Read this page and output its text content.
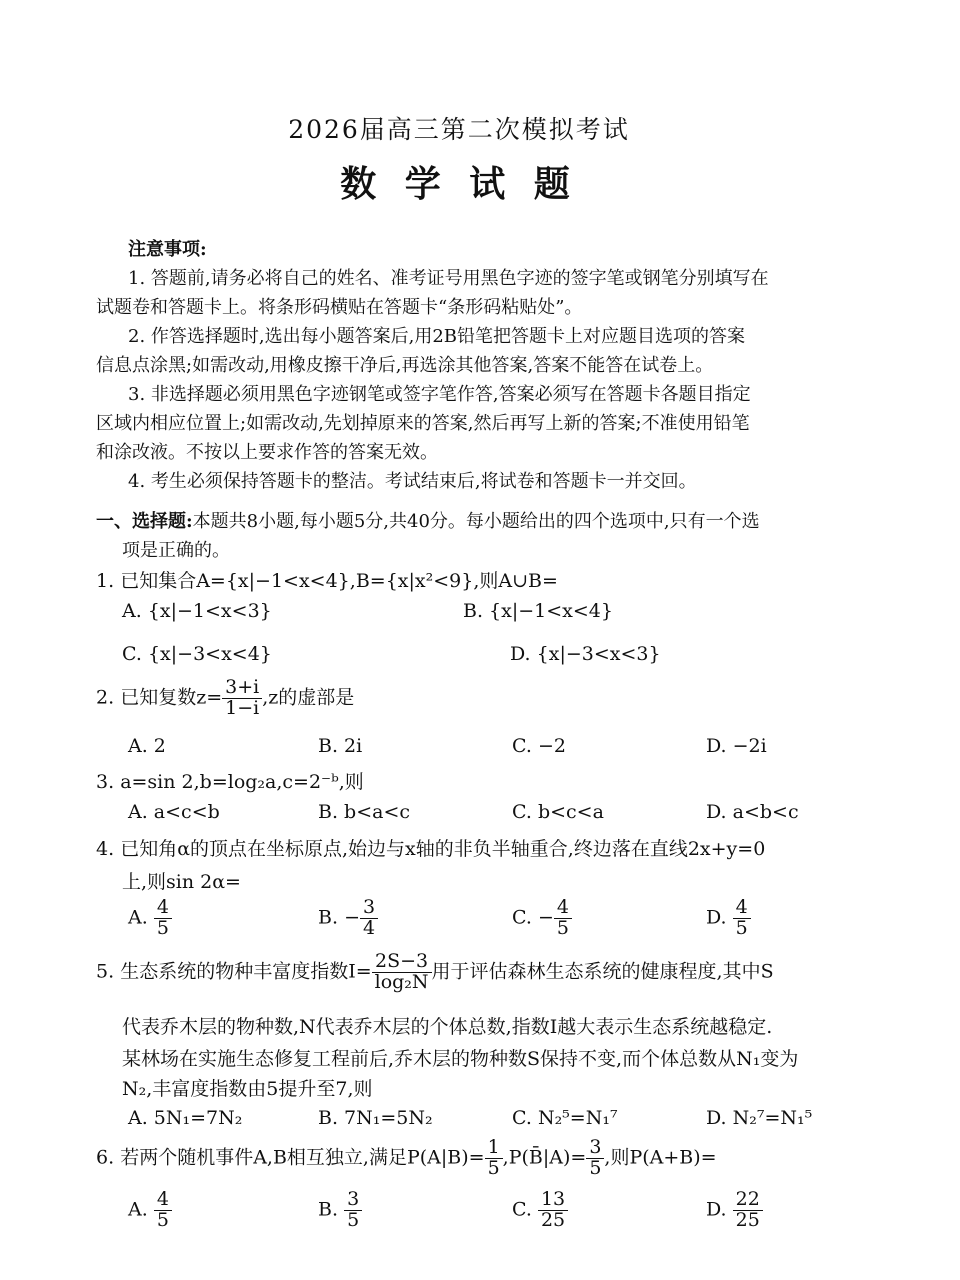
2026届高三第二次模拟考试
数 学 试 题
注意事项:
1. 答题前,请务必将自己的姓名、准考证号用黑色字迹的签字笔或钢笔分别填写在
试题卷和答题卡上。将条形码横贴在答题卡“条形码粘贴处”。
2. 作答选择题时,选出每小题答案后,用2B铅笔把答题卡上对应题目选项的答案
信息点涂黑;如需改动,用橡皮擦干净后,再选涂其他答案,答案不能答在试卷上。
3. 非选择题必须用黑色字迹钢笔或签字笔作答,答案必须写在答题卡各题目指定
区域内相应位置上;如需改动,先划掉原来的答案,然后再写上新的答案;不准使用铅笔
和涂改液。不按以上要求作答的答案无效。
4. 考生必须保持答题卡的整洁。考试结束后,将试卷和答题卡一并交回。
一、选择题:本题共8小题,每小题5分,共40分。每小题给出的四个选项中,只有一个选
项是正确的。
1. 已知集合A={x|−1<x<4},B={x|x²<9},则A∪B=
A. {x|−1<x<3}	B. {x|−1<x<4}
C. {x|−3<x<4}	D. {x|−3<x<3}
2. 已知复数$z= \frac{3+i}{1-i} ,z$的虚部是
A. 2	B. 2i	C. −2	D. −2i
3. a=sin 2,b=log₂a,c=2⁻ᵇ,则
A. a<c<b	B. b<a<c	C. b<c<a	D. a<b<c
4. 已知角α的顶点在坐标原点,始边与x轴的非负半轴重合,终边落在直线2x+y=0
上,则sin 2α=
A. $\frac{4}{5}$	B. − $\frac{3}{4}$	C. − $\frac{4}{5}$	D. $\frac{4}{5}$
5. 生态系统的物种丰富度指数$I= \frac{2S-3}{\text{log₂N}}$ 用于评估森林生态系统的健康程度,其中S
代表乔木层的物种数,N代表乔木层的个体总数,指数I越大表示生态系统越稳定.
某林场在实施生态修复工程前后,乔木层的物种数S保持不变,而个体总数从N₁变为
N₂,丰富度指数由5提升至7,则
A. 5N₁=7N₂	B. 7N₁=5N₂	C. N₂⁵=N₁⁷	D. N₂⁷=N₁⁵
6. 若两个随机事件A,B相互独立,满足$P(A|B)= \frac{1}{5}$ ,P(B̄|A)= $\frac{3}{5}$ ,则P(A+B)=
A. $\frac{4}{5}$	B. $\frac{3}{5}$	C. $\frac{13}{25}$	D. $\frac{22}{25}$
